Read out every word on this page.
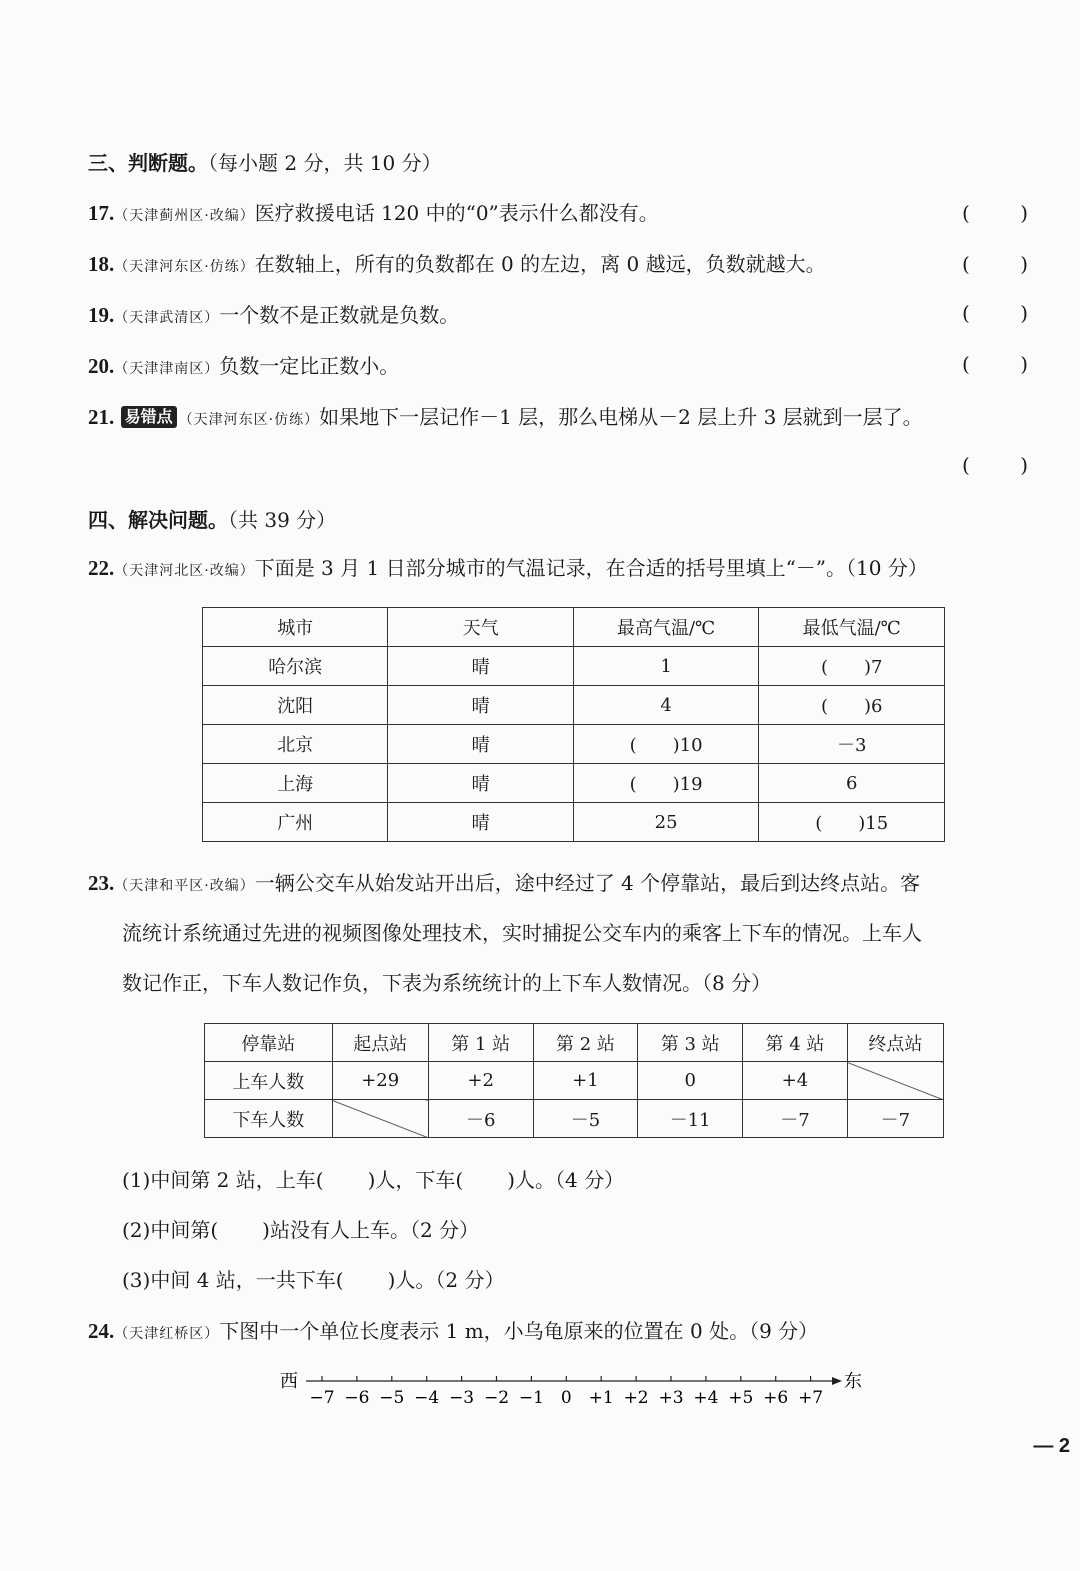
三、判断题。（每小题 2 分，共 10 分）
17.（天津蓟州区·改编）医疗救援电话 120 中的“0”表示什么都没有。	(	)
18.（天津河东区·仿练）在数轴上，所有的负数都在 0 的左边，离 0 越远，负数就越大。	(	)
19.（天津武清区）一个数不是正数就是负数。	(	)
20.（天津津南区）负数一定比正数小。	(	)
21. 易错点 （天津河东区·仿练）如果地下一层记作－1 层，那么电梯从－2 层上升 3 层就到一层了。
(	)
四、解决问题。（共 39 分）
22.（天津河北区·改编）下面是 3 月 1 日部分城市的气温记录，在合适的括号里填上“－”。（10 分）
城市	天气	最高气温/℃	最低气温/℃
哈尔滨	晴	1	(　　)7
沈阳	晴	4	(　　)6
北京	晴	(　　)10	－3
上海	晴	(　　)19	6
广州	晴	25	(　　)15
23.（天津和平区·改编）一辆公交车从始发站开出后，途中经过了 4 个停靠站，最后到达终点站。客
流统计系统通过先进的视频图像处理技术，实时捕捉公交车内的乘客上下车的情况。上车人
数记作正，下车人数记作负，下表为系统统计的上下车人数情况。（8 分）
停靠站	起点站	第 1 站	第 2 站	第 3 站	第 4 站	终点站
上车人数	+29	+2	+1	0	+4	
下车人数		－6	－5	－11	－7	－7
(1)中间第 2 站，上车( )人，下车( )人。（4 分）
(2)中间第( )站没有人上车。（2 分）
(3)中间 4 站，一共下车( )人。（2 分）
24.（天津红桥区）下图中一个单位长度表示 1 m，小乌龟原来的位置在 0 处。（9 分）
西	东
−7 −6 −5 −4 −3 −2 −1 0 +1 +2 +3 +4 +5 +6 +7
— 2
